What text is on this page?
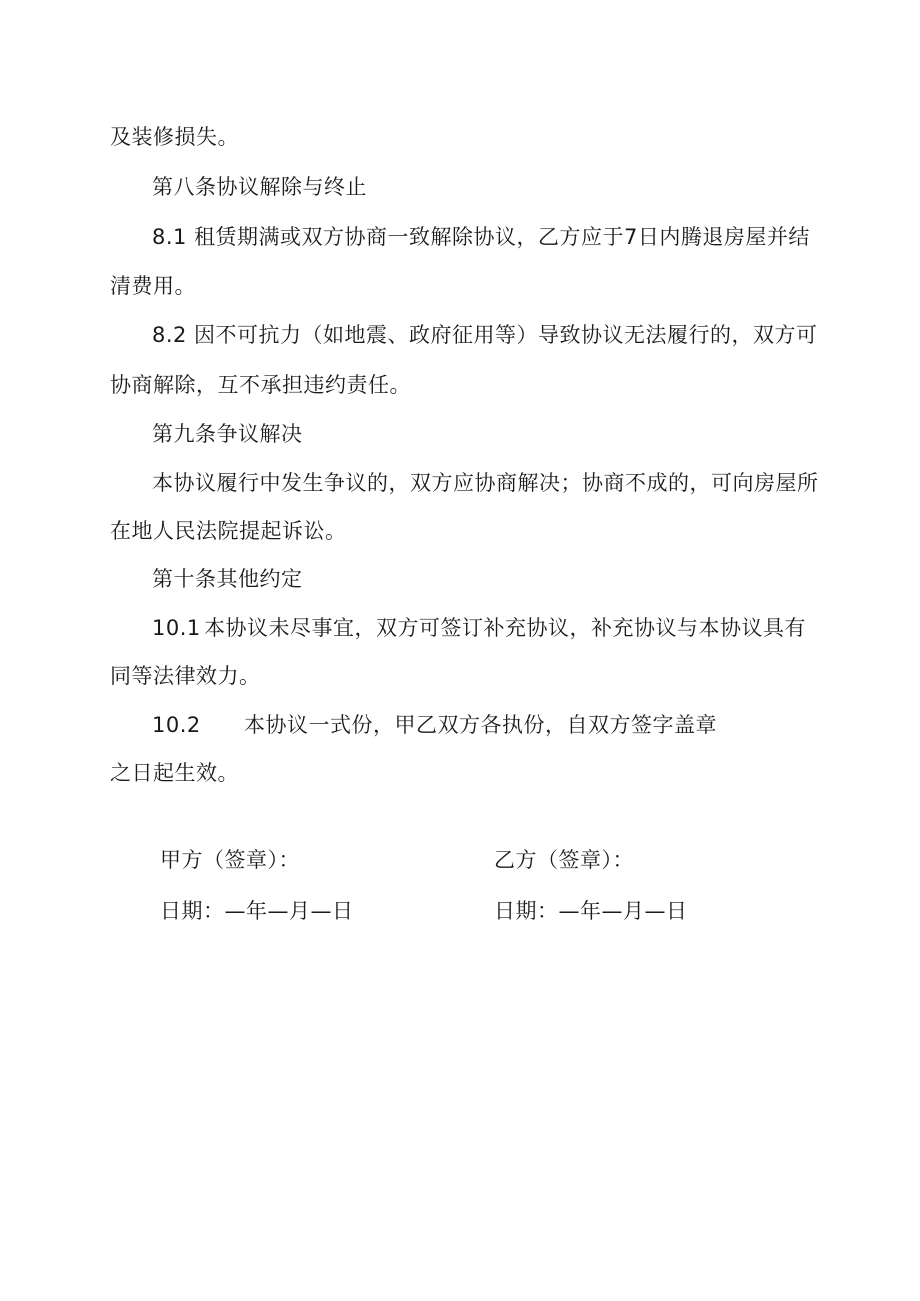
及装修损失。
第八条协议解除与终止
8.1 租赁期满或双方协商一致解除协议，乙方应于7日内腾退房屋并结
清费用。
8.2 因不可抗力（如地震、政府征用等）导致协议无法履行的，双方可
协商解除，互不承担违约责任。
第九条争议解决
本协议履行中发生争议的，双方应协商解决；协商不成的，可向房屋所
在地人民法院提起诉讼。
第十条其他约定
10.1 本协议未尽事宜，双方可签订补充协议，补充协议与本协议具有
同等法律效力。
10.2 本协议一式份，甲乙双方各执份，自双方签字盖章
之日起生效。
甲方（签章）：	乙方（签章）：
日期：—年—月—日	日期：—年—月—日
